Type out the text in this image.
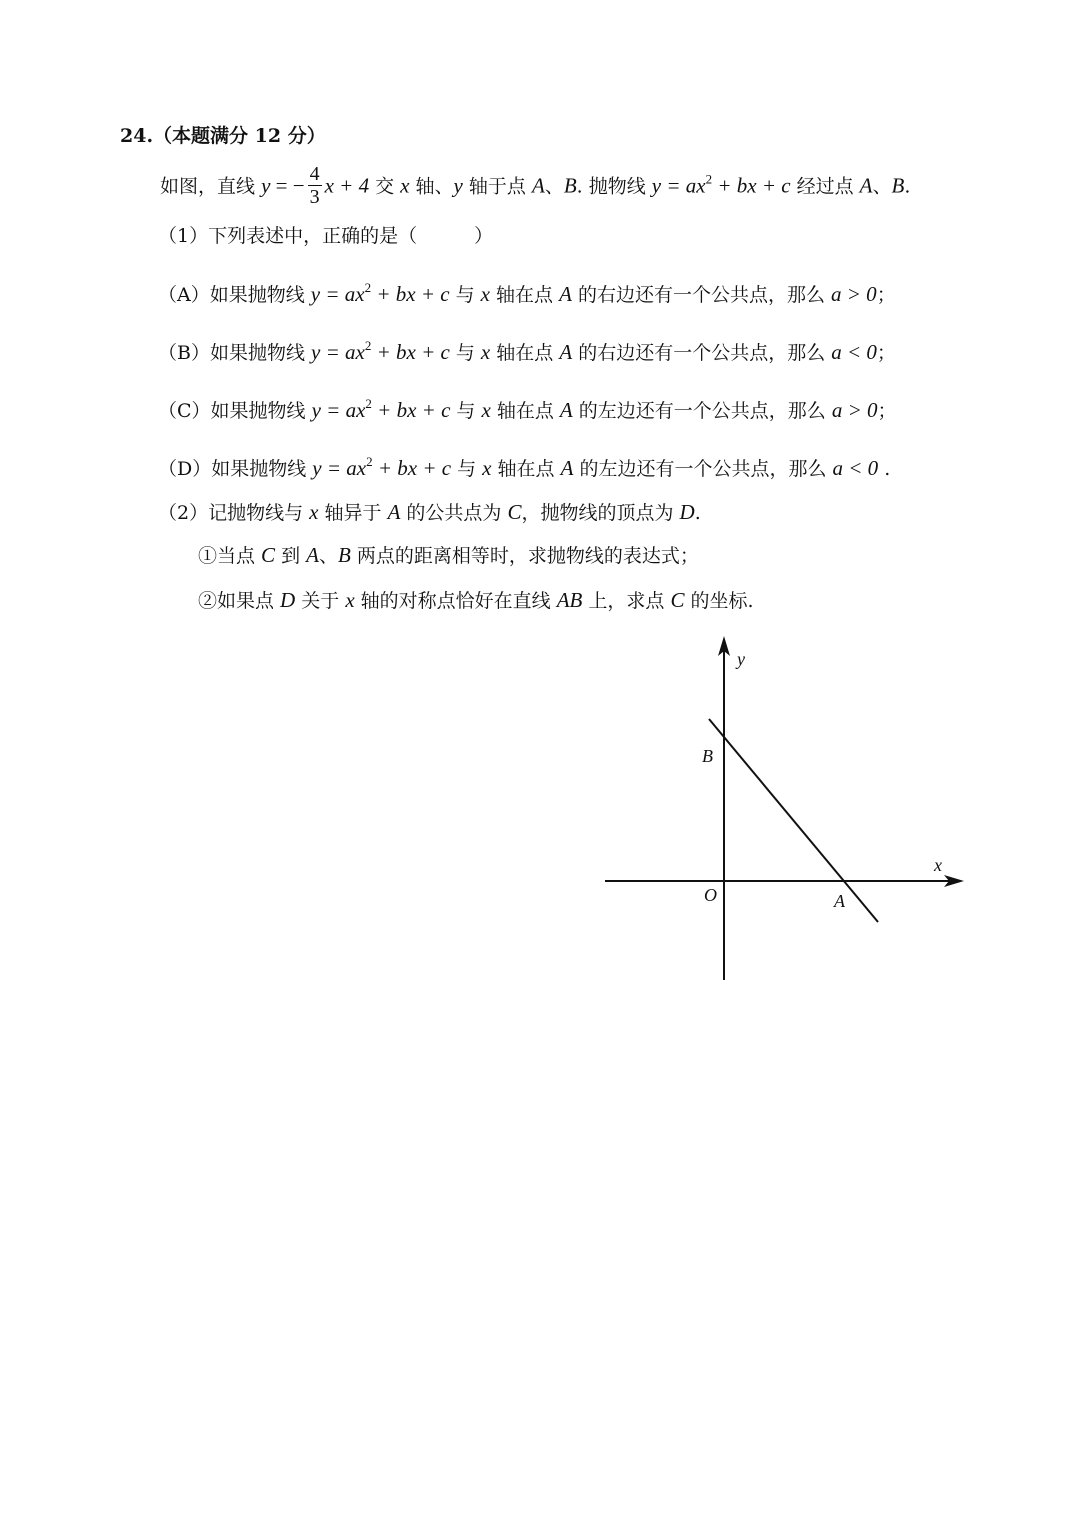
24.（本题满分 12 分）
如图，直线 y = − $\frac{4}{3}$ x + 4 交 x 轴、y 轴于点 A、B. 抛物线 $y = ax^2$ + bx + c 经过点 A、B.
（1）下列表述中，正确的是（　　　）
（A）如果抛物线 $y = ax^2$ + bx + c 与 x 轴在点 A 的右边还有一个公共点，那么 a > 0；
（B）如果抛物线 $y = ax^2$ + bx + c 与 x 轴在点 A 的右边还有一个公共点，那么 a < 0；
（C）如果抛物线 $y = ax^2$ + bx + c 与 x 轴在点 A 的左边还有一个公共点，那么 a > 0；
（D）如果抛物线 $y = ax^2$ + bx + c 与 x 轴在点 A 的左边还有一个公共点，那么 a < 0 .
（2）记抛物线与 x 轴异于 A 的公共点为 C，抛物线的顶点为 D.
①当点 C 到 A、B 两点的距离相等时，求抛物线的表达式；
②如果点 D 关于 x 轴的对称点恰好在直线 AB 上，求点 C 的坐标.
y
x
O	A
B
